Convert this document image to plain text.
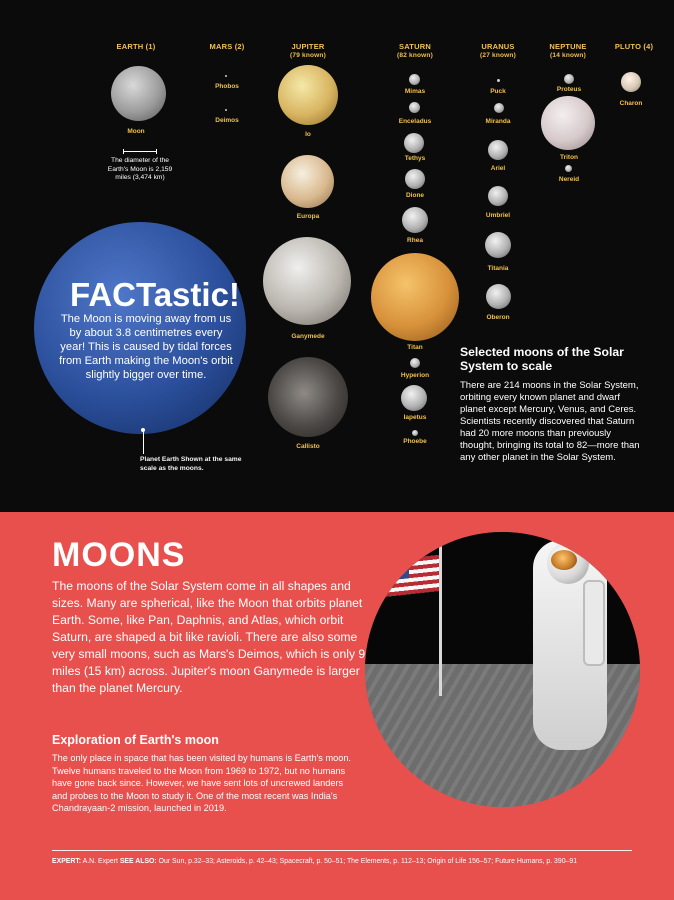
EARTH (1)	MARS (2)	JUPITER
(79 known)
SATURN
(82 known)
URANUS
(27 known)
NEPTUNE
(14 known)
PLUTO (4)
Moon
The diameter of the Earth's Moon is 2,159 miles (3,474 km)
Phobos
Deimos
Io
Europa
Ganymede
Callisto
Mimas
Enceladus
Tethys
Dione
Rhea
Titan
Hyperion
Iapetus
Phoebe
Puck
Miranda
Ariel
Umbriel
Titania
Oberon
Proteus
Triton
Nereid
Charon
FACTastic!
The Moon is moving away from us by about 3.8 centimetres every year! This is caused by tidal forces from Earth making the Moon's orbit slightly bigger over time.
Planet Earth Shown at the same scale as the moons.
Selected moons of the Solar System to scale
There are 214 moons in the Solar System, orbiting every known planet and dwarf planet except Mercury, Venus, and Ceres. Scientists recently discovered that Saturn had 20 more moons than previously thought, bringing its total to 82—more than any other planet in the Solar System.
MOONS
The moons of the Solar System come in all shapes and sizes. Many are spherical, like the Moon that orbits planet Earth. Some, like Pan, Daphnis, and Atlas, which orbit Saturn, are shaped a bit like ravioli. There are also some very small moons, such as Mars's Deimos, which is only 9 miles (15 km) across. Jupiter's moon Ganymede is larger than the planet Mercury.
Exploration of Earth's moon
The only place in space that has been visited by humans is Earth's moon. Twelve humans traveled to the Moon from 1969 to 1972, but no humans have gone back since. However, we have sent lots of uncrewed landers and probes to the Moon to study it. One of the most recent was India's Chandrayaan-2 mission, launched in 2019.
EXPERT: A.N. Expert SEE ALSO: Our Sun, p.32–33; Asteroids, p. 42–43; Spacecraft, p. 50–51; The Elements, p. 112–13; Origin of Life 156–57; Future Humans, p. 390–91
